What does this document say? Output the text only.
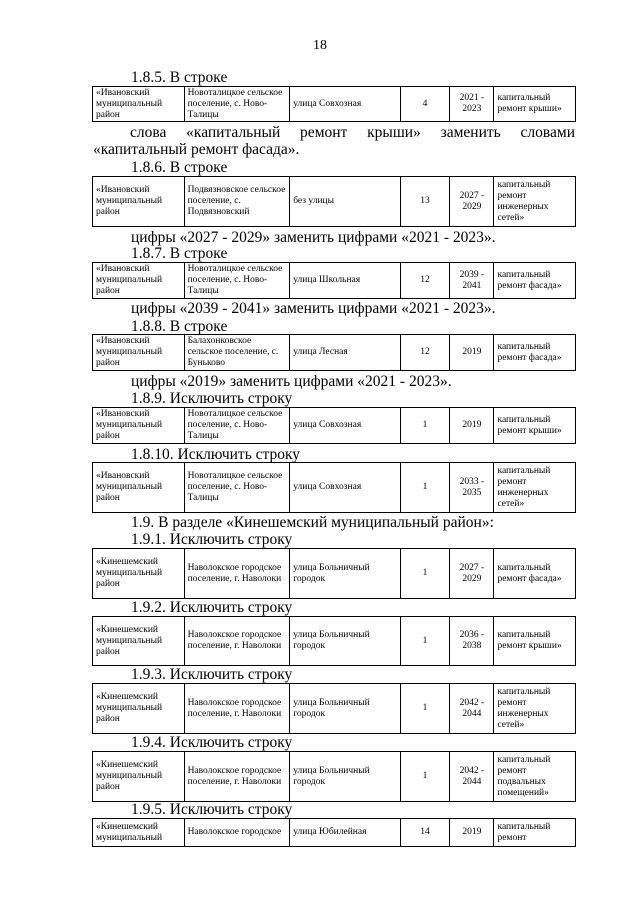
18
1.8.5. В строке
«Ивановский муниципальный район	Новоталицкое сельское поселение, с. Ново-Талицы	улица Совхозная	4	2021 - 2023	капитальный ремонт крыши»
слова «капитальный ремонт крыши» заменить словами
«капитальный ремонт фасада».
1.8.6. В строке
«Ивановский муниципальный район	Подвязновское сельское поселение, с. Подвязновский	без улицы	13	2027 - 2029	капитальный ремонт инженерных сетей»
цифры «2027 - 2029» заменить цифрами «2021 - 2023».
1.8.7. В строке
«Ивановский муниципальный район	Новоталицкое сельское поселение, с. Ново-Талицы	улица Школьная	12	2039 - 2041	капитальный ремонт фасада»
цифры «2039 - 2041» заменить цифрами «2021 - 2023».
1.8.8. В строке
«Ивановский муниципальный район	Балахонковское сельское поселение, с. Буньково	улица Лесная	12	2019	капитальный ремонт фасада»
цифры «2019» заменить цифрами «2021 - 2023».
1.8.9. Исключить строку
«Ивановский муниципальный район	Новоталицкое сельское поселение, с. Ново-Талицы	улица Совхозная	1	2019	капитальный ремонт крыши»
1.8.10. Исключить строку
«Ивановский муниципальный район	Новоталицкое сельское поселение, с. Ново-Талицы	улица Совхозная	1	2033 - 2035	капитальный ремонт инженерных сетей»
1.9. В разделе «Кинешемский муниципальный район»:
1.9.1. Исключить строку
«Кинешемский муниципальный район	Наволокское городское поселение, г. Наволоки	улица Больничный городок	1	2027 - 2029	капитальный ремонт фасада»
1.9.2. Исключить строку
«Кинешемский муниципальный район	Наволокское городское поселение, г. Наволоки	улица Больничный городок	1	2036 - 2038	капитальный ремонт крыши»
1.9.3. Исключить строку
«Кинешемский муниципальный район	Наволокское городское поселение, г. Наволоки	улица Больничный городок	1	2042 - 2044	капитальный ремонт инженерных сетей»
1.9.4. Исключить строку
«Кинешемский муниципальный район	Наволокское городское поселение, г. Наволоки	улица Больничный городок	1	2042 - 2044	капитальный ремонт подвальных помещений»
1.9.5. Исключить строку
«Кинешемский муниципальный	Наволокское городское	улица Юбилейная	14	2019	капитальный ремонт
